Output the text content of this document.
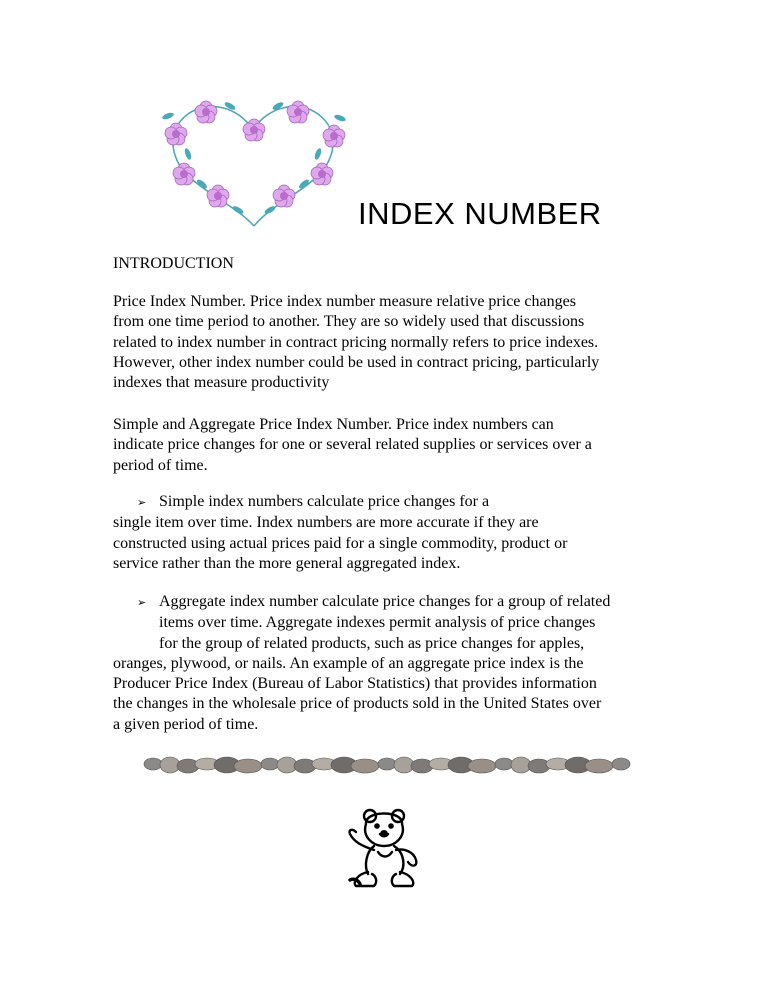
INDEX NUMBER
INTRODUCTION
Price Index Number. Price index number measure relative price changes
from one time period to another. They are so widely used that discussions
related to index number in contract pricing normally refers to price indexes.
However, other index number could be used in contract pricing, particularly
indexes that measure productivity
Simple and Aggregate Price Index Number. Price index numbers can
indicate price changes for one or several related supplies or services over a
period of time.
➢ Simple index numbers calculate price changes for a
single item over time. Index numbers are more accurate if they are
constructed using actual prices paid for a single commodity, product or
service rather than the more general aggregated index.
➢ Aggregate index number calculate price changes for a group of related
items over time. Aggregate indexes permit analysis of price changes
for the group of related products, such as price changes for apples,
oranges, plywood, or nails. An example of an aggregate price index is the
Producer Price Index (Bureau of Labor Statistics) that provides information
the changes in the wholesale price of products sold in the United States over
a given period of time.
